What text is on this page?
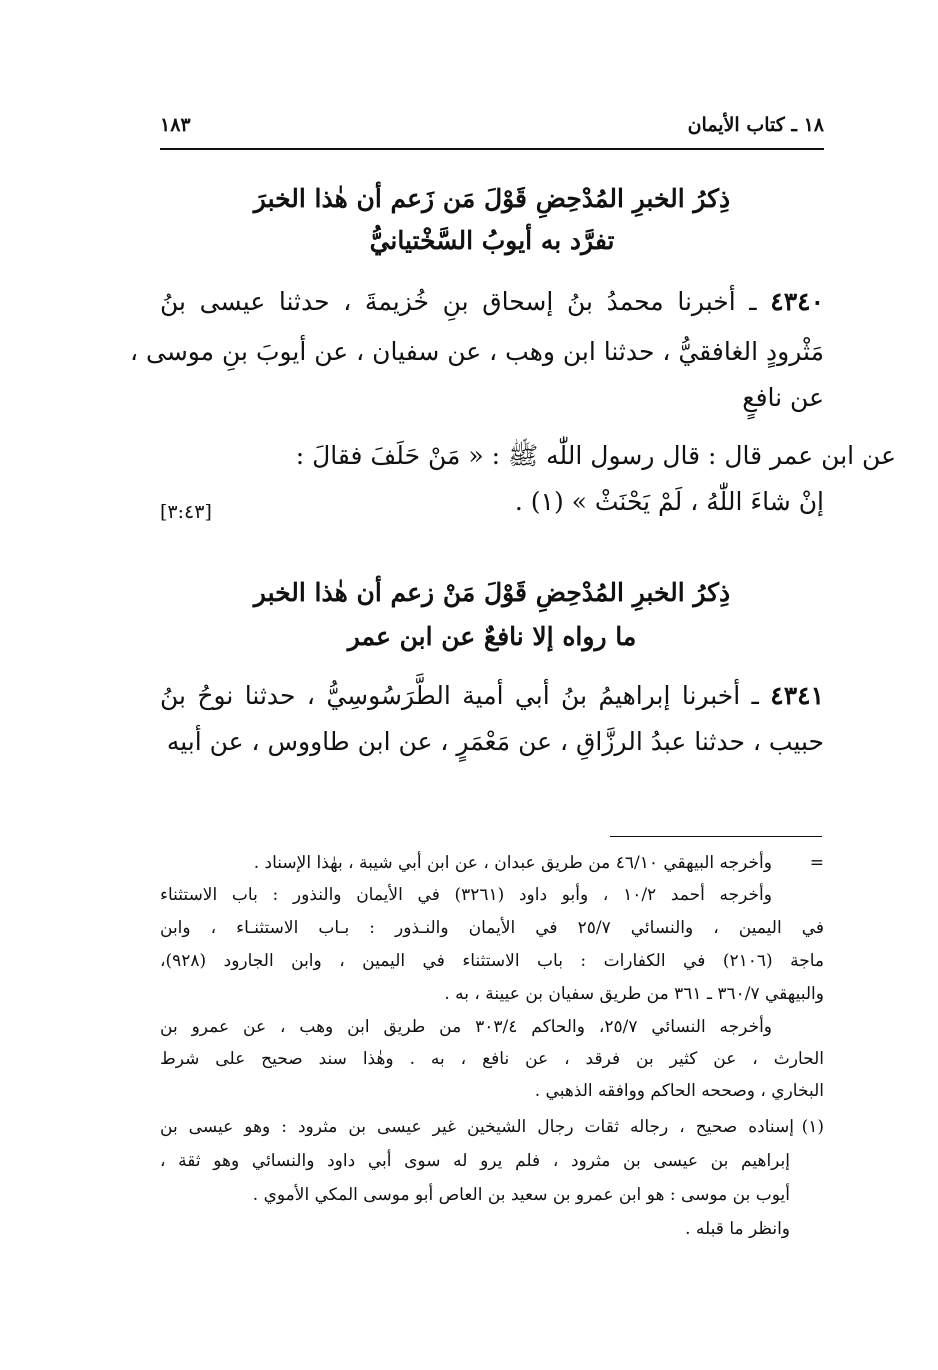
١٨ ـ كتاب الأيمان
١٨٣
ذِكرُ الخبرِ المُدْحِضِ قَوْلَ مَن زَعم أن هٰذا الخبرَ
تفرَّد به أيوبُ السَّخْتيانيُّ
٤٣٤٠ ـ أخبرنا محمدُ بنُ إسحاق بنِ خُزيمةَ ، حدثنا عيسى بنُ
مَثْرودٍ الغافقيُّ ، حدثنا ابن وهب ، عن سفيان ، عن أيوبَ بنِ موسى ،
عن نافعٍ
عن ابن عمر قال : قال رسول اللّٰه ﷺ : « مَنْ حَلَفَ فقالَ :
إنْ شاءَ اللّٰهُ ، لَمْ يَحْنَثْ » (١) .
[٣:٤٣]
ذِكرُ الخبرِ المُدْحِضِ قَوْلَ مَنْ زعم أن هٰذا الخبر
ما رواه إلا نافعٌ عن ابن عمر
٤٣٤١ ـ أخبرنا إبراهيمُ بنُ أبي أمية الطَّرَسُوسِيُّ ، حدثنا نوحُ بنُ
حبيب ، حدثنا عبدُ الرزَّاقِ ، عن مَعْمَرٍ ، عن ابن طاووس ، عن أبيه
=
وأخرجه البيهقي ٤٦/١٠ من طريق عبدان ، عن ابن أبي شيبة ، بهٰذا الإسناد .
وأخرجه أحمد ١٠/٢ ، وأبو داود (٣٢٦١) في الأيمان والنذور : باب الاستثناء
في اليمين ، والنسائي ٢٥/٧ في الأيمان والنـذور : بـاب الاستثنـاء ، وابن
ماجة (٢١٠٦) في الكفارات : باب الاستثناء في اليمين ، وابن الجارود (٩٢٨)،
والبيهقي ٣٦٠/٧ ـ ٣٦١ من طريق سفيان بن عيينة ، به .
وأخرجه النسائي ٢٥/٧، والحاكم ٣٠٣/٤ من طريق ابن وهب ، عن عمرو بن
الحارث ، عن كثير بن فرقد ، عن نافع ، به . وهٰذا سند صحيح على شرط
البخاري ، وصححه الحاكم ووافقه الذهبي .
(١)
إسناده صحيح ، رجاله ثقات رجال الشيخين غير عيسى بن مثرود : وهو عيسى بن
إبراهيم بن عيسى بن مثرود ، فلم يرو له سوى أبي داود والنسائي وهو ثقة ،
أيوب بن موسى : هو ابن عمرو بن سعيد بن العاص أبو موسى المكي الأموي .
وانظر ما قبله .
